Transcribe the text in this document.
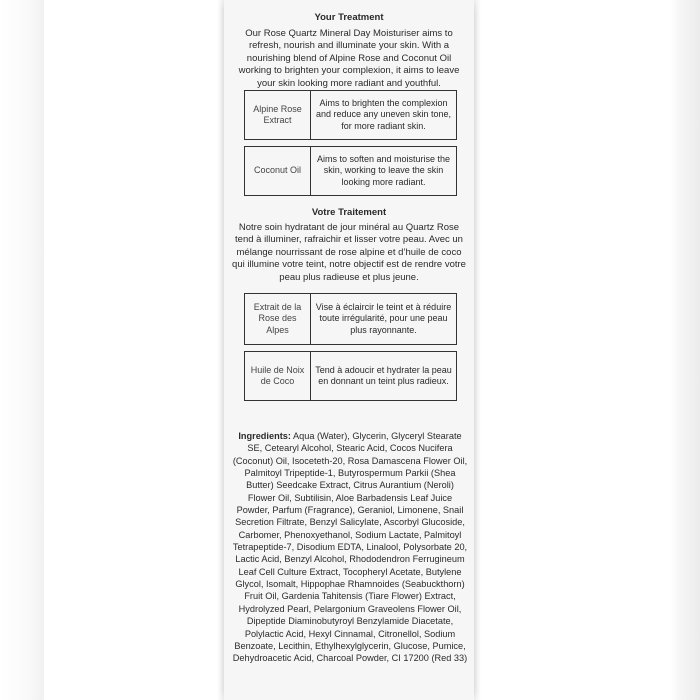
Your Treatment

Our Rose Quartz Mineral Day Moisturiser aims to refresh, nourish and illuminate your skin. With a nourishing blend of Alpine Rose and Coconut Oil working to brighten your complexion, it aims to leave your skin looking more radiant and youthful.

Alpine Rose Extract
Aims to brighten the complexion and reduce any uneven skin tone, for more radiant skin.
Coconut Oil
Aims to soften and moisturise the skin, working to leave the skin looking more radiant.
Votre Traitement

Notre soin hydratant de jour minéral au Quartz Rose tend à illuminer, rafraichir et lisser votre peau. Avec un mélange nourrissant de rose alpine et d’huile de coco qui illumine votre teint, notre objectif est de rendre votre peau plus radieuse et plus jeune.

Extrait de la Rose des Alpes
Vise à éclaircir le teint et à réduire toute irrégularité, pour une peau plus rayonnante.
Huile de Noix de Coco
Tend à adoucir et hydrater la peau en donnant un teint plus radieux.

Ingredients: Aqua (Water), Glycerin, Glyceryl Stearate SE, Cetearyl Alcohol, Stearic Acid, Cocos Nucifera (Coconut) Oil, Isoceteth-20, Rosa Damascena Flower Oil, Palmitoyl Tripeptide-1, Butyrospermum Parkii (Shea Butter) Seedcake Extract, Citrus Aurantium (Neroli) Flower Oil, Subtilisin, Aloe Barbadensis Leaf Juice Powder, Parfum (Fragrance), Geraniol, Limonene, Snail Secretion Filtrate, Benzyl Salicylate, Ascorbyl Glucoside, Carbomer, Phenoxyethanol, Sodium Lactate, Palmitoyl Tetrapeptide-7, Disodium EDTA, Linalool, Polysorbate 20, Lactic Acid, Benzyl Alcohol, Rhododendron Ferrugineum Leaf Cell Culture Extract, Tocopheryl Acetate, Butylene Glycol, Isomalt, Hippophae Rhamnoides (Seabuckthorn) Fruit Oil, Gardenia Tahitensis (Tiare Flower) Extract, Hydrolyzed Pearl, Pelargonium Graveolens Flower Oil, Dipeptide Diaminobutyroyl Benzylamide Diacetate, Polylactic Acid, Hexyl Cinnamal, Citronellol, Sodium Benzoate, Lecithin, Ethylhexylglycerin, Glucose, Pumice, Dehydroacetic Acid, Charcoal Powder, CI 17200 (Red 33)
